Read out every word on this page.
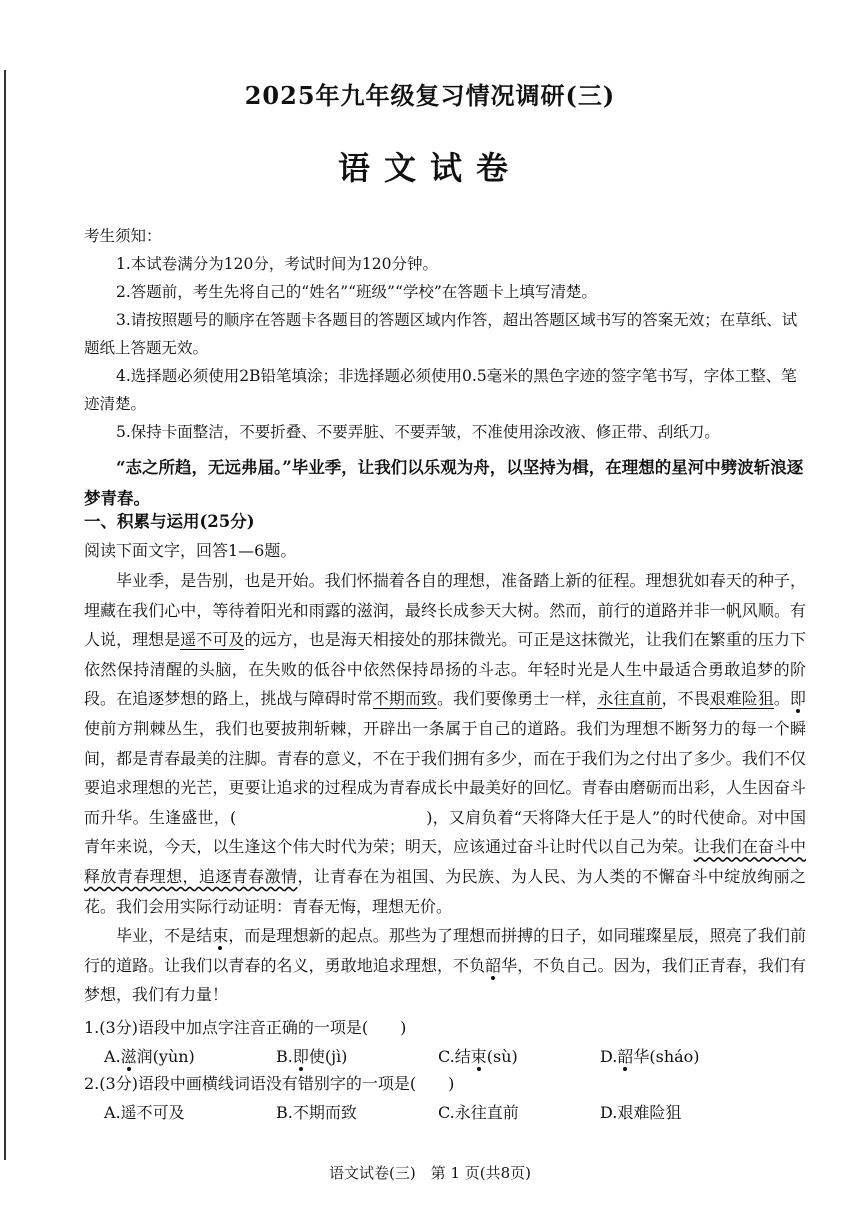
2025年九年级复习情况调研(三)
语文试卷

考生须知：

1.本试卷满分为120分，考试时间为120分钟。

2.答题前，考生先将自己的“姓名”“班级”“学校”在答题卡上填写清楚。

3.请按照题号的顺序在答题卡各题目的答题区域内作答，超出答题区域书写的答案无效；在草纸、试题纸上答题无效。

4.选择题必须使用2B铅笔填涂；非选择题必须使用0.5毫米的黑色字迹的签字笔书写，字体工整、笔迹清楚。

5.保持卡面整洁，不要折叠、不要弄脏、不要弄皱，不准使用涂改液、修正带、刮纸刀。

“志之所趋，无远弗届。”毕业季，让我们以乐观为舟，以坚持为楫，在理想的星河中劈波斩浪逐梦青春。
一、积累与运用(25分)
阅读下面文字，回答1—6题。

毕业季，是告别，也是开始。我们怀揣着各自的理想，准备踏上新的征程。理想犹如春天的种子，埋藏在我们心中，等待着阳光和雨露的滋润，最终长成参天大树。然而，前行的道路并非一帆风顺。有人说，理想是遥不可及的远方，也是海天相接处的那抹微光。可正是这抹微光，让我们在繁重的压力下依然保持清醒的头脑，在失败的低谷中依然保持昂扬的斗志。年轻时光是人生中最适合勇敢追梦的阶段。在追逐梦想的路上，挑战与障碍时常不期而致。我们要像勇士一样，永往直前，不畏艰难险狙。即使前方荆棘丛生，我们也要披荆斩棘，开辟出一条属于自己的道路。我们为理想不断努力的每一个瞬间，都是青春最美的注脚。青春的意义，不在于我们拥有多少，而在于我们为之付出了多少。我们不仅要追求理想的光芒，更要让追求的过程成为青春成长中最美好的回忆。青春由磨砺而出彩，人生因奋斗而升华。生逢盛世，(	)，又肩负着“天将降大任于是人”的时代使命。对中国青年来说，今天，以生逢这个伟大时代为荣；明天，应该通过奋斗让时代以自己为荣。让我们在奋斗中释放青春理想，追逐青春激情，让青春在为祖国、为民族、为人民、为人类的不懈奋斗中绽放绚丽之花。我们会用实际行动证明：青春无悔，理想无价。

毕业，不是结束，而是理想新的起点。那些为了理想而拼搏的日子，如同璀璨星辰，照亮了我们前行的道路。让我们以青春的名义，勇敢地追求理想，不负韶华，不负自己。因为，我们正青春，我们有梦想，我们有力量！

1.(3分)语段中加点字注音正确的一项是(　　)
A.滋润(yùn)	B.即使(jì)	C.结束(sù)	D.韶华(sháo)
2.(3分)语段中画横线词语没有错别字的一项是(　　)
A.遥不可及	B.不期而致	C.永往直前	D.艰难险狙
语文试卷(三)　第 1 页(共8页)
